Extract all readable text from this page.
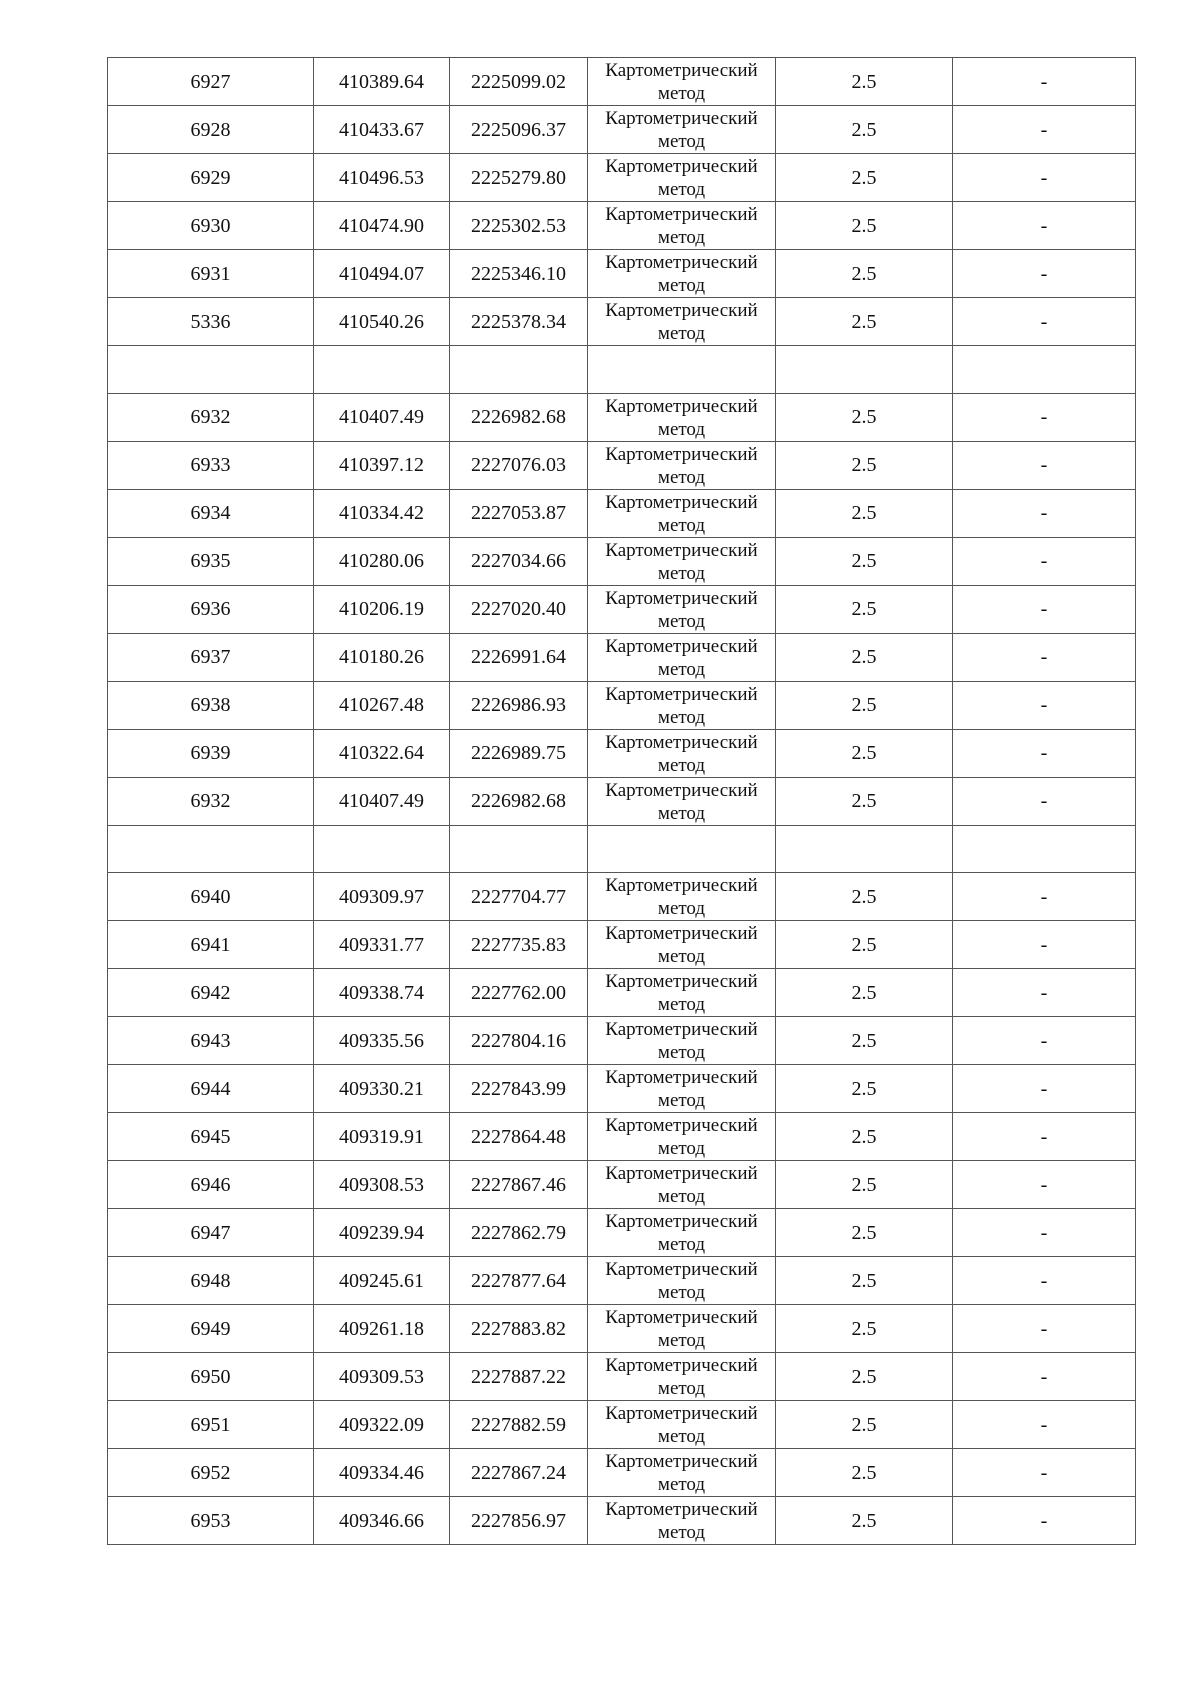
6927	410389.64	2225099.02	Картометрический
метод	2.5	-
6928	410433.67	2225096.37	Картометрический
метод	2.5	-
6929	410496.53	2225279.80	Картометрический
метод	2.5	-
6930	410474.90	2225302.53	Картометрический
метод	2.5	-
6931	410494.07	2225346.10	Картометрический
метод	2.5	-
5336	410540.26	2225378.34	Картометрический
метод	2.5	-

6932	410407.49	2226982.68	Картометрический
метод	2.5	-
6933	410397.12	2227076.03	Картометрический
метод	2.5	-
6934	410334.42	2227053.87	Картометрический
метод	2.5	-
6935	410280.06	2227034.66	Картометрический
метод	2.5	-
6936	410206.19	2227020.40	Картометрический
метод	2.5	-
6937	410180.26	2226991.64	Картометрический
метод	2.5	-
6938	410267.48	2226986.93	Картометрический
метод	2.5	-
6939	410322.64	2226989.75	Картометрический
метод	2.5	-
6932	410407.49	2226982.68	Картометрический
метод	2.5	-

6940	409309.97	2227704.77	Картометрический
метод	2.5	-
6941	409331.77	2227735.83	Картометрический
метод	2.5	-
6942	409338.74	2227762.00	Картометрический
метод	2.5	-
6943	409335.56	2227804.16	Картометрический
метод	2.5	-
6944	409330.21	2227843.99	Картометрический
метод	2.5	-
6945	409319.91	2227864.48	Картометрический
метод	2.5	-
6946	409308.53	2227867.46	Картометрический
метод	2.5	-
6947	409239.94	2227862.79	Картометрический
метод	2.5	-
6948	409245.61	2227877.64	Картометрический
метод	2.5	-
6949	409261.18	2227883.82	Картометрический
метод	2.5	-
6950	409309.53	2227887.22	Картометрический
метод	2.5	-
6951	409322.09	2227882.59	Картометрический
метод	2.5	-
6952	409334.46	2227867.24	Картометрический
метод	2.5	-
6953	409346.66	2227856.97	Картометрический
метод	2.5	-
